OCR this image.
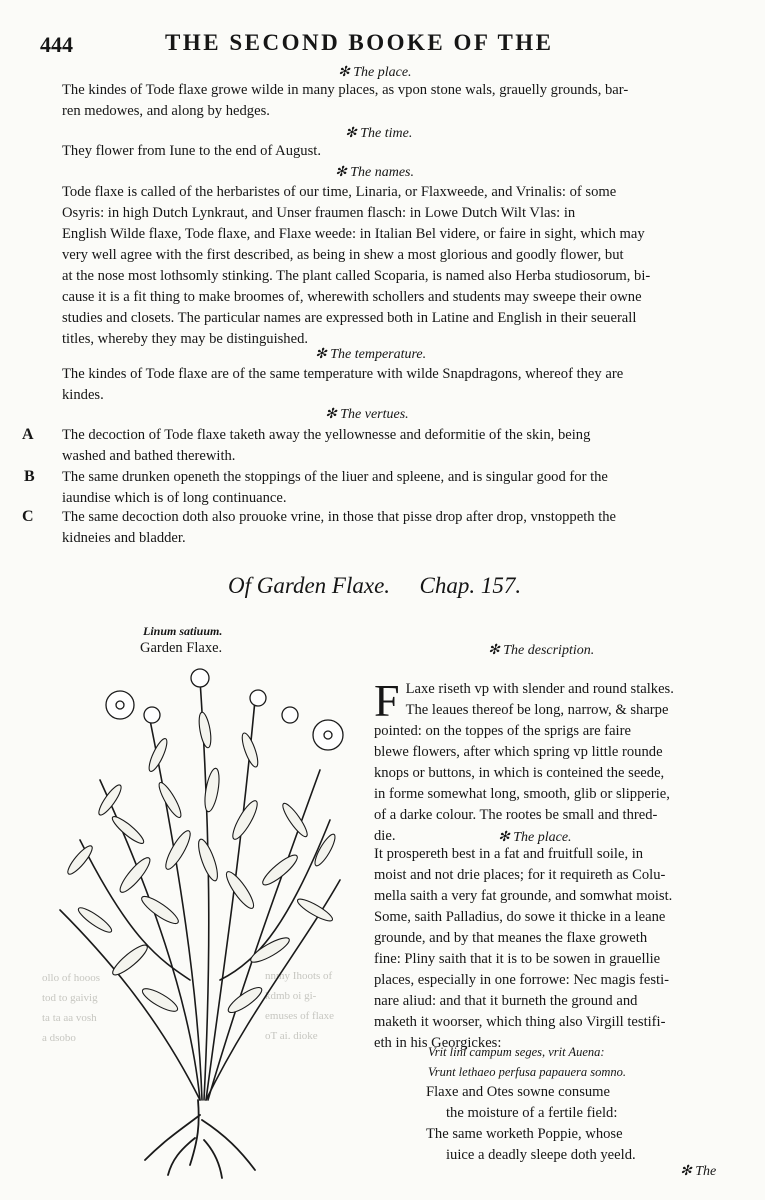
444	THE SECOND BOOKE OF THE
✻ The place.
The kindes of Tode flaxe growe wilde in many places, as vpon stone wals, grauelly grounds, bar-
ren medowes, and along by hedges.
✻ The time.
They flower from Iune to the end of August.
✻ The names.
Tode flaxe is called of the herbaristes of our time, Linaria, or Flaxweede, and Vrinalis: of some
Osyris: in high Dutch Lynkraut, and Unser fraumen flasch: in Lowe Dutch Wilt Vlas: in
English Wilde flaxe, Tode flaxe, and Flaxe weede: in Italian Bel videre, or faire in sight, which may
very well agree with the first described, as being in shew a most glorious and goodly flower, but
at the nose most lothsomly stinking. The plant called Scoparia, is named also Herba studiosorum, bi-
cause it is a fit thing to make broomes of, wherewith schollers and students may sweepe their owne
studies and closets. The particular names are expressed both in Latine and English in their seuerall
titles, whereby they may be distinguished.
✻ The temperature.
The kindes of Tode flaxe are of the same temperature with wilde Snapdragons, whereof they are
kindes.
✻ The vertues.
A The decoction of Tode flaxe taketh away the yellownesse and deformitie of the skin, being
washed and bathed therewith.
B The same drunken openeth the stoppings of the liuer and spleene, and is singular good for the
iaundise which is of long continuance.
C The same decoction doth also prouoke vrine, in those that pisse drop after drop, vnstoppeth the
kidneies and bladder.
Of Garden Flaxe. Chap. 157.
Linum satiuum.
Garden Flaxe.
ollo of hooos
tod to gaivig
ta ta aa vosh
a dsobo
nnmy Ihoots of
kdmb oi gi-
emuses of flaxe
oT ai. dioke
✻ The description.
F Laxe riseth vp with slender and round stalkes.
The leaues thereof be long, narrow, & sharpe
pointed: on the toppes of the sprigs are faire
blewe flowers, after which spring vp little rounde
knops or buttons, in which is conteined the seede,
in forme somewhat long, smooth, glib or slipperie,
of a darke colour. The rootes be small and thred-
die.	✻ The place.
It prospereth best in a fat and fruitfull soile, in
moist and not drie places; for it requireth as Colu-
mella saith a very fat grounde, and somwhat moist.
Some, saith Palladius, do sowe it thicke in a leane
grounde, and by that meanes the flaxe groweth
fine: Pliny saith that it is to be sowen in grauellie
places, especially in one forrowe: Nec magis festi-
nare aliud: and that it burneth the ground and
maketh it woorser, which thing also Virgill testifi-
eth in his Georgickes:
Vrit lini campum seges, vrit Auena:
Vrunt lethaeo perfusa papauera somno.
Flaxe and Otes sowne consume
the moisture of a fertile field:
The same worketh Poppie, whose
iuice a deadly sleepe doth yeeld.
✻ The
